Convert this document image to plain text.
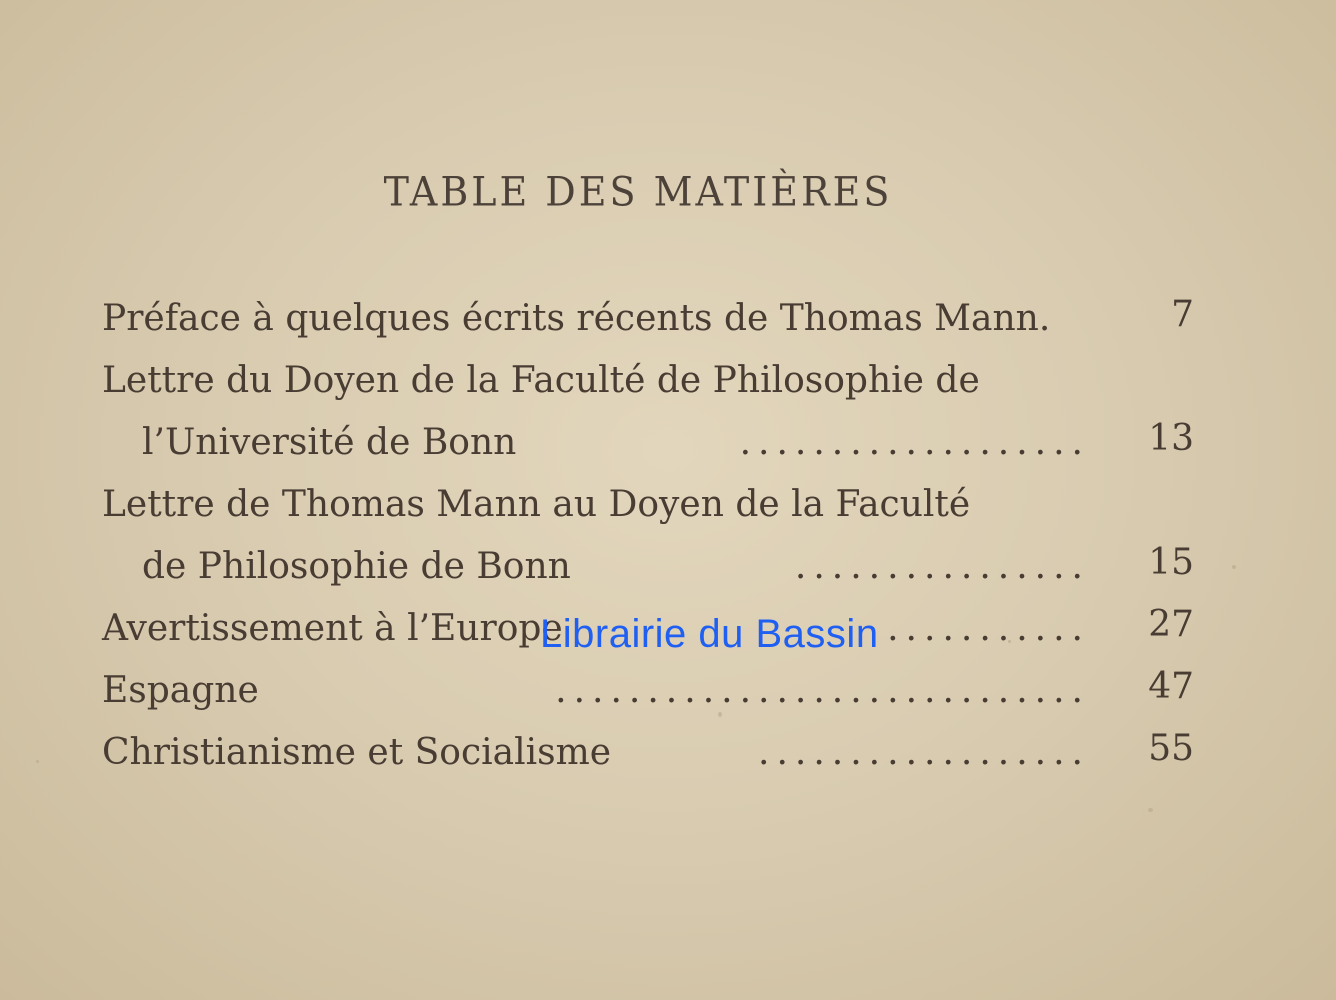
TABLE DES MATIÈRES
Préface à quelques écrits récents de Thomas Mann.	7
Lettre du Doyen de la Faculté de Philosophie de
l’Université de Bonn	...................	13
Lettre de Thomas Mann au Doyen de la Faculté
de Philosophie de Bonn	................	15
Avertissement à l’Europe	...........	27
Espagne	.............................	47
Christianisme et Socialisme	..................	55
Librairie du Bassin
